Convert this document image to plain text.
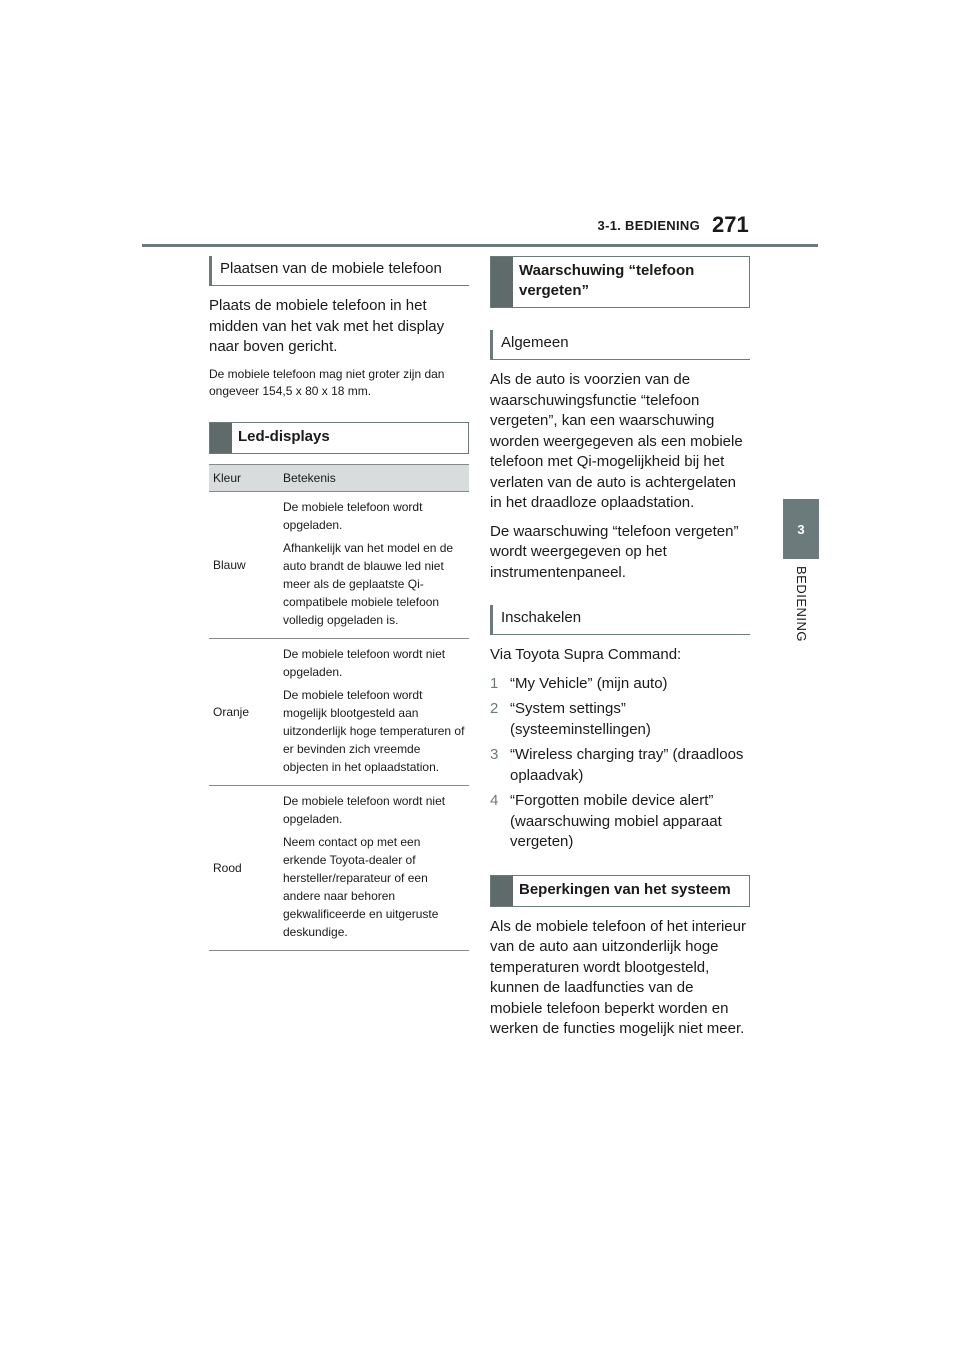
3-1. BEDIENING 271
3
BEDIENING
Plaatsen van de mobiele telefoon

Plaats de mobiele telefoon in het midden van het vak met het display naar boven gericht.

De mobiele telefoon mag niet groter zijn dan ongeveer 154,5 x 80 x 18 mm.

Led-displays
Kleur	Betekenis
Blauw	De mobiele telefoon wordt opgeladen.

Afhankelijk van het model en de auto brandt de blauwe led niet meer als de geplaatste Qi-compatibele mobiele telefoon volledig opgeladen is.

Oranje	De mobiele telefoon wordt niet opgeladen.

De mobiele telefoon wordt mogelijk blootgesteld aan uitzonderlijk hoge temperaturen of er bevinden zich vreemde objecten in het oplaadstation.

Rood	De mobiele telefoon wordt niet opgeladen.

Neem contact op met een erkende Toyota-dealer of hersteller/reparateur of een andere naar behoren gekwalificeerde en uitgeruste deskundige.

Waarschuwing “telefoon vergeten”
Algemeen

Als de auto is voorzien van de waarschuwingsfunctie “telefoon vergeten”, kan een waarschuwing worden weergegeven als een mobiele telefoon met Qi-mogelijkheid bij het verlaten van de auto is achtergelaten in het draadloze oplaadstation.

De waarschuwing “telefoon vergeten” wordt weergegeven op het instrumentenpaneel.

Inschakelen

Via Toyota Supra Command:

1 “My Vehicle” (mijn auto)
2 “System settings” (systeeminstellingen)
3 “Wireless charging tray” (draadloos oplaadvak)
4 “Forgotten mobile device alert” (waarschuwing mobiel apparaat vergeten)
Beperkingen van het systeem

Als de mobiele telefoon of het interieur van de auto aan uitzonderlijk hoge temperaturen wordt blootgesteld, kunnen de laadfuncties van de mobiele telefoon beperkt worden en werken de functies mogelijk niet meer.
